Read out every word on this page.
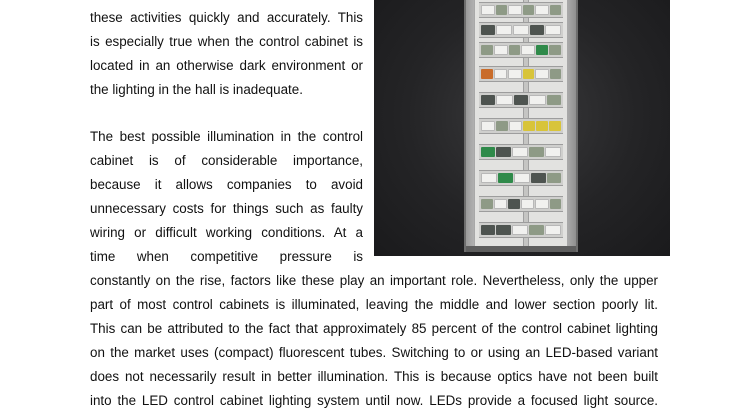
these activities quickly and accurately. This
is especially true when the control cabinet is
located in an otherwise dark environment or
the lighting in the hall is inadequate.
The best possible illumination in the control
cabinet is of considerable importance,
because it allows companies to avoid
unnecessary costs for things such as faulty
wiring or difficult working conditions. At a
time when competitive pressure is
constantly on the rise, factors like these play an important role. Nevertheless, only the upper
part of most control cabinets is illuminated, leaving the middle and lower section poorly lit.
This can be attributed to the fact that approximately 85 percent of the control cabinet lighting
on the market uses (compact) fluorescent tubes. Switching to or using an LED-based variant
does not necessarily result in better illumination. This is because optics have not been built
into the LED control cabinet lighting system until now. LEDs provide a focused light source.
